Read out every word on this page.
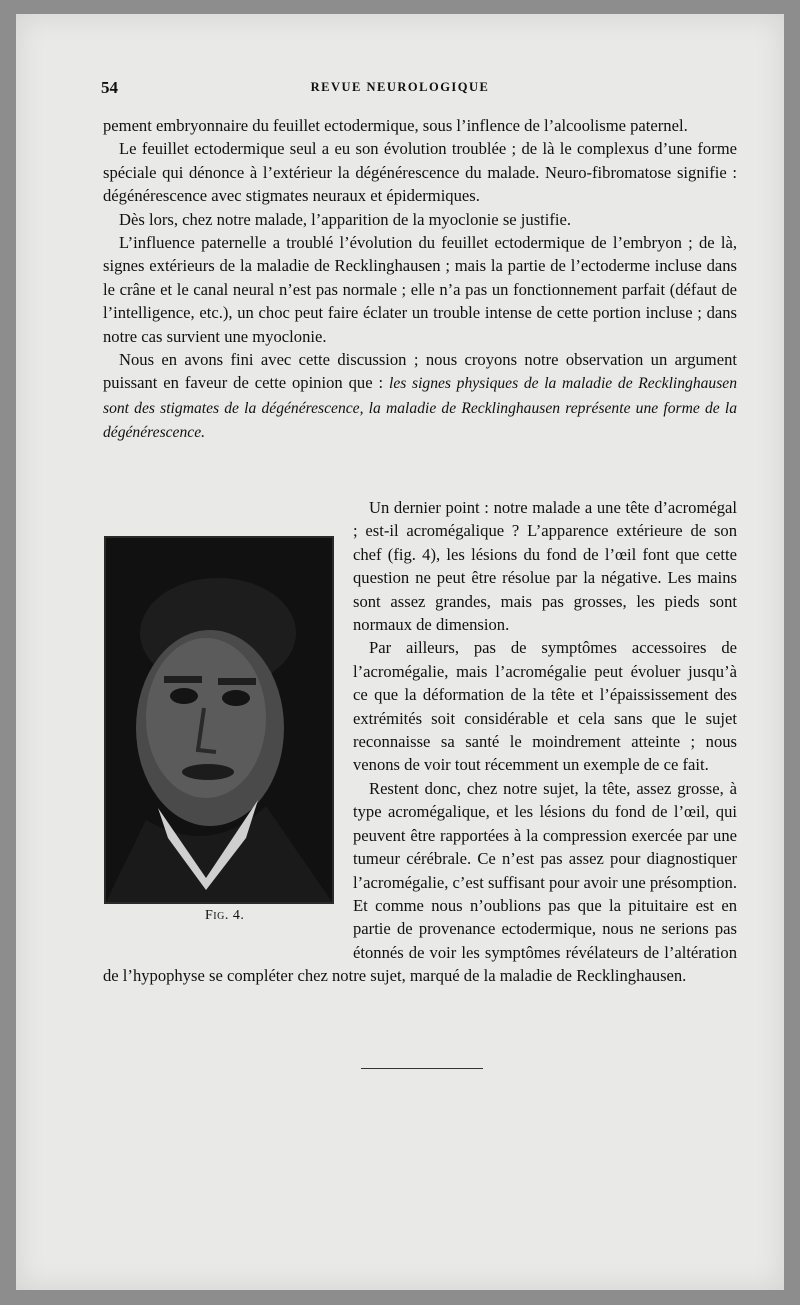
54	REVUE NEUROLOGIQUE

pement embryonnaire du feuillet ectodermique, sous l’inflence de l’alcoolisme paternel.

Le feuillet ectodermique seul a eu son évolution troublée ; de là le complexus d’une forme spéciale qui dénonce à l’extérieur la dégénérescence du malade. Neuro-fibromatose signifie : dégénérescence avec stigmates neuraux et épidermiques.

Dès lors, chez notre malade, l’apparition de la myoclonie se justifie.

L’influence paternelle a troublé l’évolution du feuillet ectodermique de l’embryon ; de là, signes extérieurs de la maladie de Recklinghausen ; mais la partie de l’ectoderme incluse dans le crâne et le canal neural n’est pas normale ; elle n’a pas un fonctionnement parfait (défaut de l’intelligence, etc.), un choc peut faire éclater un trouble intense de cette portion incluse ; dans notre cas survient une myoclonie.

Nous en avons fini avec cette discussion ; nous croyons notre observation un argument puissant en faveur de cette opinion que : les signes physiques de la maladie de Recklinghausen sont des stigmates de la dégénérescence, la maladie de Recklinghausen représente une forme de la dégénérescence.

Fig. 4.
Un dernier point : notre malade a une tête d’acromégal ; est-il acromégalique ? L’apparence extérieure de son chef (fig. 4), les lésions du fond de l’œil font que cette question ne peut être résolue par la négative. Les mains sont assez grandes, mais pas grosses, les pieds sont normaux de dimension.

Par ailleurs, pas de symptômes accessoires de l’acromégalie, mais l’acromégalie peut évoluer jusqu’à ce que la déformation de la tête et l’épaississement des extrémités soit considérable et cela sans que le sujet reconnaisse sa santé le moindrement atteinte ; nous venons de voir tout récemment un exemple de ce fait.

Restent donc, chez notre sujet, la tête, assez grosse, à type acromégalique, et les lésions du fond de l’œil, qui peuvent être rapportées à la compression exercée par une tumeur cérébrale. Ce n’est pas assez pour diagnostiquer l’acromégalie, c’est suffisant pour avoir une présomption. Et comme nous n’oublions pas que la pituitaire est en partie de provenance ectodermique, nous ne serions pas étonnés de voir les symptômes révélateurs de l’altération de l’hypophyse se compléter chez notre sujet, marqué de la maladie de Recklinghausen.
